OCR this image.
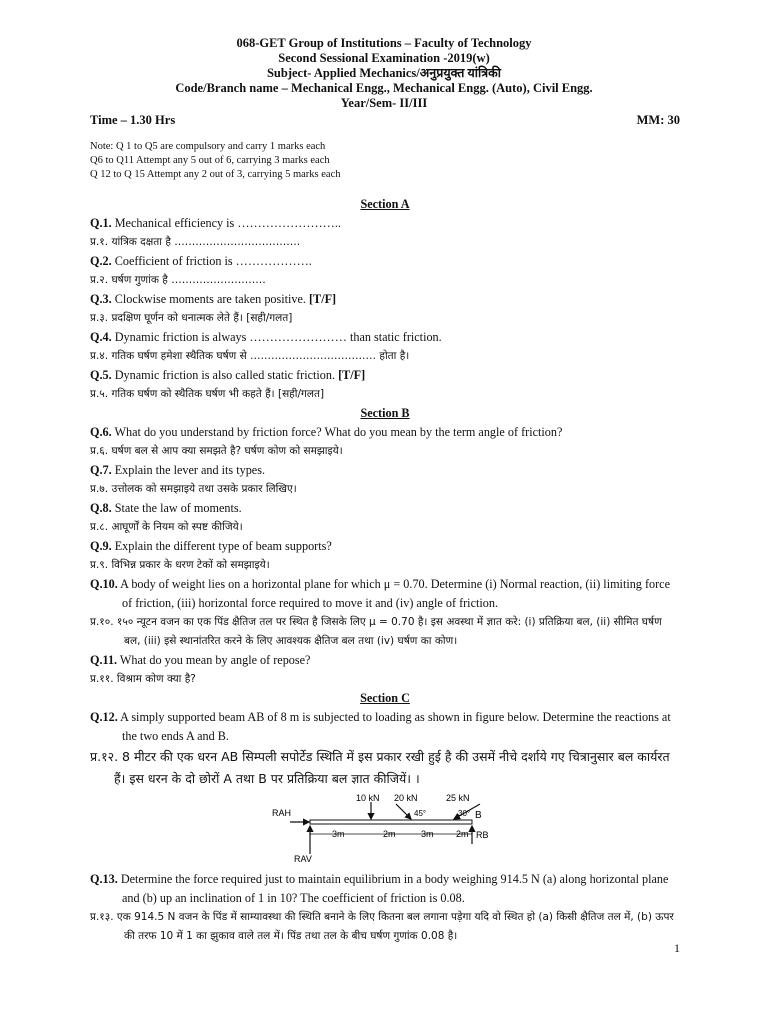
068-GET Group of Institutions – Faculty of Technology
Second Sessional Examination -2019(w)
Subject- Applied Mechanics/अनुप्रयुक्त यांत्रिकी
Code/Branch name – Mechanical Engg., Mechanical Engg. (Auto), Civil Engg.
Year/Sem- II/III
Time – 1.30 Hrs	MM: 30
Note: Q 1 to Q5 are compulsory and carry 1 marks each
Q6 to Q11 Attempt any 5 out of 6, carrying 3 marks each
Q 12 to Q 15 Attempt any 2 out of 3, carrying 5 marks each

Section A

Q.1. Mechanical efficiency is ……………………..

प्र.१. यांत्रिक दक्षता है ………………………………

Q.2. Coefficient of friction is ……………….

प्र.२. घर्षण गुणांक है ………………………

Q.3. Clockwise moments are taken positive. [T/F]

प्र.३. प्रदक्षिण घूर्णन को धनात्मक लेते हैं। [सही/गलत]

Q.4. Dynamic friction is always …………………… than static friction.

प्र.४. गतिक घर्षण हमेशा स्थैतिक घर्षण से ……………………………… होता है।

Q.5. Dynamic friction is also called static friction. [T/F]

प्र.५. गतिक घर्षण को स्थैतिक घर्षण भी कहते हैं। [सही/गलत]

Section B

Q.6. What do you understand by friction force? What do you mean by the term angle of friction?

प्र.६. घर्षण बल से आप क्या समझते है? घर्षण कोण को समझाइये।

Q.7. Explain the lever and its types.

प्र.७. उत्तोलक को समझाइये तथा उसके प्रकार लिखिए।

Q.8. State the law of moments.

प्र.८. आघूर्णों के नियम को स्पष्ट कीजिये।

Q.9. Explain the different type of beam supports?

प्र.९. विभिन्न प्रकार के धरण टेकों को समझाइये।

Q.10. A body of weight lies on a horizontal plane for which μ = 0.70. Determine (i) Normal reaction, (ii) limiting force of friction, (iii) horizontal force required to move it and (iv) angle of friction.

प्र.१०. १५० न्यूटन वजन का एक पिंड क्षैतिज तल पर स्थित है जिसके लिए μ = 0.70 है। इस अवस्था में ज्ञात करे: (i) प्रतिक्रिया बल, (ii) सीमित घर्षण बल, (iii) इसे स्थानांतरित करने के लिए आवश्यक क्षैतिज बल तथा (iv) घर्षण का कोण।

Q.11. What do you mean by angle of repose?

प्र.११. विश्राम कोण क्या है?

Section C

Q.12. A simply supported beam AB of 8 m is subjected to loading as shown in figure below. Determine the reactions at the two ends A and B.

प्र.१२. 8 मीटर की एक धरन AB सिम्पली सपोर्टेड स्थिति में इस प्रकार रखी हुई है की उसमें नीचे दर्शाये गए चित्रानुसार बल कार्यरत हैं। इस धरन के दो छोरों A तथा B पर प्रतिक्रिया बल ज्ञात कीजियें। ।

RAH
RAV
RB
B
10 kN 20 kN
45°
25 kN
30°
3m	2m	3m 2m

Q.13. Determine the force required just to maintain equilibrium in a body weighing 914.5 N (a) along horizontal plane and (b) up an inclination of 1 in 10? The coefficient of friction is 0.08.

प्र.१३. एक 914.5 N वजन के पिंड में साम्यावस्था की स्थिति बनाने के लिए कितना बल लगाना पड़ेगा यदि वो स्थित हो (a) किसी क्षैतिज तल में, (b) ऊपर की तरफ 10 में 1 का झुकाव वाले तल में। पिंड तथा तल के बीच घर्षण गुणांक 0.08 है।

1
